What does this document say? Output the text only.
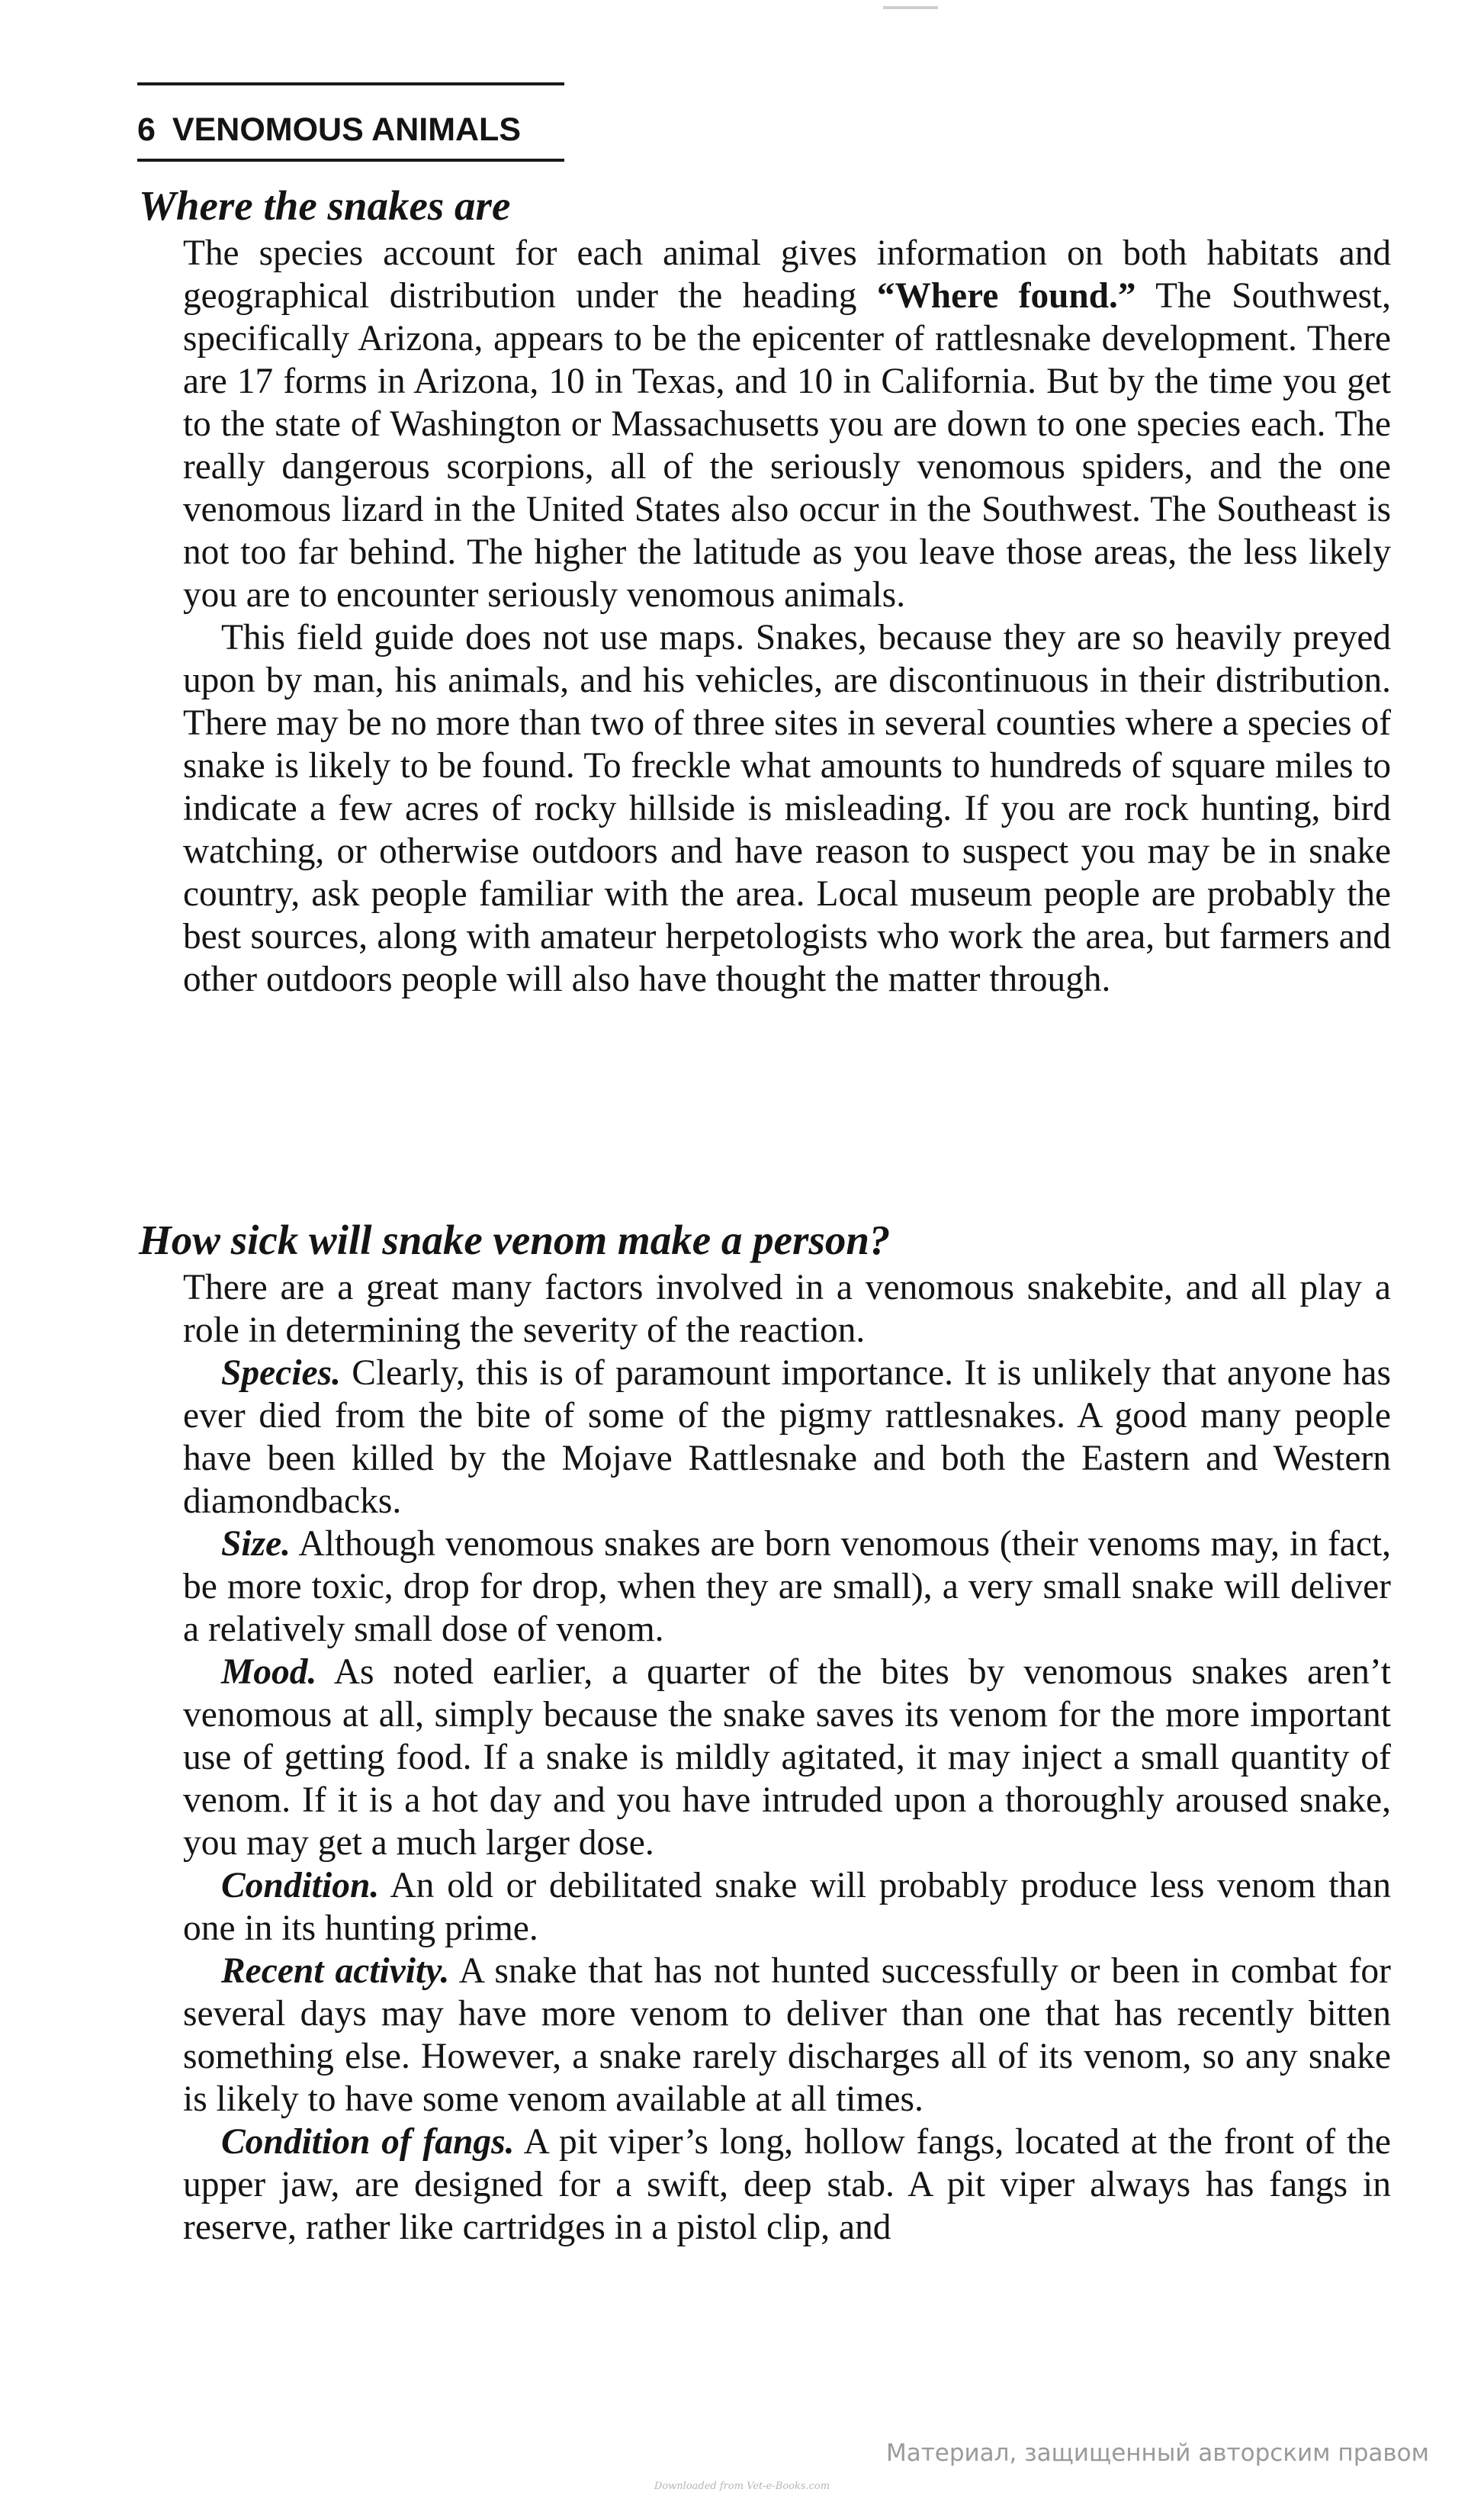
6 VENOMOUS ANIMALS
Where the snakes are

The species account for each animal gives information on both habitats and geographical distribution under the heading “Where found.” The Southwest, specifically Arizona, appears to be the epicenter of rattlesnake development. There are 17 forms in Arizona, 10 in Texas, and 10 in California. But by the time you get to the state of Washington or Massachusetts you are down to one species each. The really dangerous scorpions, all of the seriously venomous spiders, and the one venomous lizard in the United States also occur in the Southwest. The Southeast is not too far behind. The higher the latitude as you leave those areas, the less likely you are to encounter seriously venomous animals.

This field guide does not use maps. Snakes, because they are so heavily preyed upon by man, his animals, and his vehicles, are discontinuous in their distribution. There may be no more than two of three sites in several counties where a species of snake is likely to be found. To freckle what amounts to hundreds of square miles to indicate a few acres of rocky hillside is misleading. If you are rock hunting, bird watching, or otherwise outdoors and have reason to suspect you may be in snake country, ask people familiar with the area. Local museum people are probably the best sources, along with amateur herpetologists who work the area, but farmers and other outdoors people will also have thought the matter through.

How sick will snake venom make a person?

There are a great many factors involved in a venomous snakebite, and all play a role in determining the severity of the reaction.

Species. Clearly, this is of paramount importance. It is unlikely that anyone has ever died from the bite of some of the pigmy rattlesnakes. A good many people have been killed by the Mojave Rattlesnake and both the Eastern and Western diamondbacks.

Size. Although venomous snakes are born venomous (their venoms may, in fact, be more toxic, drop for drop, when they are small), a very small snake will deliver a relatively small dose of venom.

Mood. As noted earlier, a quarter of the bites by venomous snakes aren’t venomous at all, simply because the snake saves its venom for the more important use of getting food. If a snake is mildly agitated, it may inject a small quantity of venom. If it is a hot day and you have intruded upon a thoroughly aroused snake, you may get a much larger dose.

Condition. An old or debilitated snake will probably produce less venom than one in its hunting prime.

Recent activity. A snake that has not hunted successfully or been in combat for several days may have more venom to deliver than one that has recently bitten something else. However, a snake rarely discharges all of its venom, so any snake is likely to have some venom available at all times.

Condition of fangs. A pit viper’s long, hollow fangs, located at the front of the upper jaw, are designed for a swift, deep stab. A pit viper always has fangs in reserve, rather like cartridges in a pistol clip, and

Материал, защищенный авторским правом
Downloaded from Vet-e-Books.com
